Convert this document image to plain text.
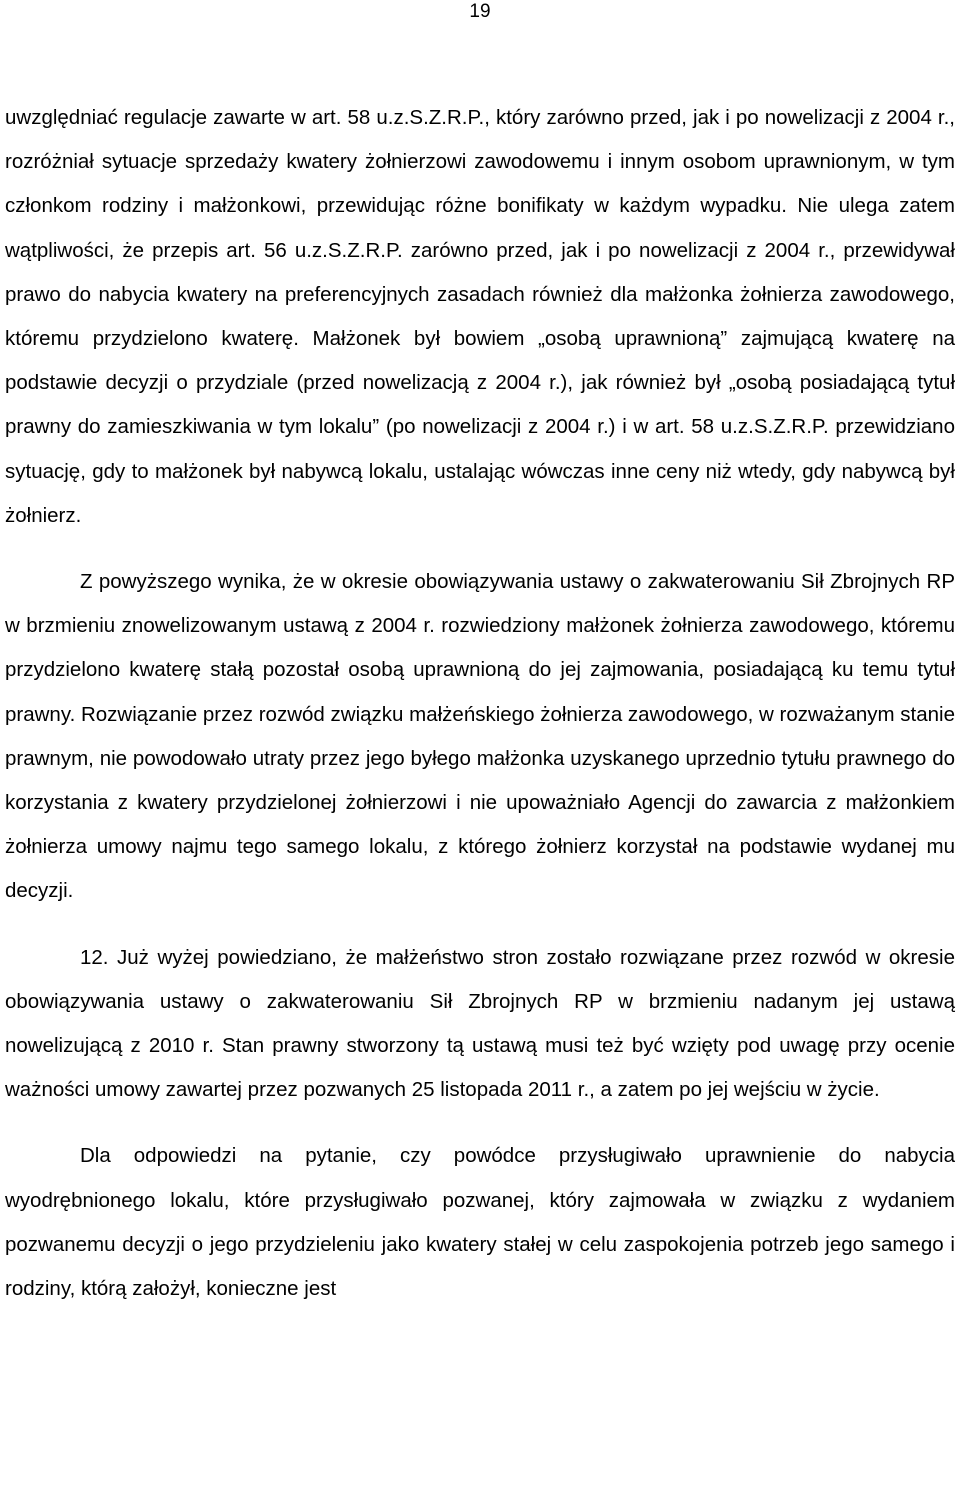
19

uwzględniać regulacje zawarte w art. 58 u.z.S.Z.R.P., który zarówno przed, jak i po nowelizacji z 2004 r., rozróżniał sytuacje sprzedaży kwatery żołnierzowi zawodowemu i innym osobom uprawnionym, w tym członkom rodziny i małżonkowi, przewidując różne bonifikaty w każdym wypadku. Nie ulega zatem wątpliwości, że przepis art. 56 u.z.S.Z.R.P. zarówno przed, jak i po nowelizacji z 2004 r., przewidywał prawo do nabycia kwatery na preferencyjnych zasadach również dla małżonka żołnierza zawodowego, któremu przydzielono kwaterę. Małżonek był bowiem „osobą uprawnioną” zajmującą kwaterę na podstawie decyzji o przydziale (przed nowelizacją z 2004 r.), jak również był „osobą posiadającą tytuł prawny do zamieszkiwania w tym lokalu” (po nowelizacji z 2004 r.) i w art. 58 u.z.S.Z.R.P. przewidziano sytuację, gdy to małżonek był nabywcą lokalu, ustalając wówczas inne ceny niż wtedy, gdy nabywcą był żołnierz.

Z powyższego wynika, że w okresie obowiązywania ustawy o zakwaterowaniu Sił Zbrojnych RP w brzmieniu znowelizowanym ustawą z 2004 r. rozwiedziony małżonek żołnierza zawodowego, któremu przydzielono kwaterę stałą pozostał osobą uprawnioną do jej zajmowania, posiadającą ku temu tytuł prawny. Rozwiązanie przez rozwód związku małżeńskiego żołnierza zawodowego, w rozważanym stanie prawnym, nie powodowało utraty przez jego byłego małżonka uzyskanego uprzednio tytułu prawnego do korzystania z kwatery przydzielonej żołnierzowi i nie upoważniało Agencji do zawarcia z małżonkiem żołnierza umowy najmu tego samego lokalu, z którego żołnierz korzystał na podstawie wydanej mu decyzji.

12. Już wyżej powiedziano, że małżeństwo stron zostało rozwiązane przez rozwód w okresie obowiązywania ustawy o zakwaterowaniu Sił Zbrojnych RP w brzmieniu nadanym jej ustawą nowelizującą z 2010 r. Stan prawny stworzony tą ustawą musi też być wzięty pod uwagę przy ocenie ważności umowy zawartej przez pozwanych 25 listopada 2011 r., a zatem po jej wejściu w życie.

Dla odpowiedzi na pytanie, czy powódce przysługiwało uprawnienie do nabycia wyodrębnionego lokalu, które przysługiwało pozwanej, który zajmowała w związku z wydaniem pozwanemu decyzji o jego przydzieleniu jako kwatery stałej w celu zaspokojenia potrzeb jego samego i rodziny, którą założył, konieczne jest
